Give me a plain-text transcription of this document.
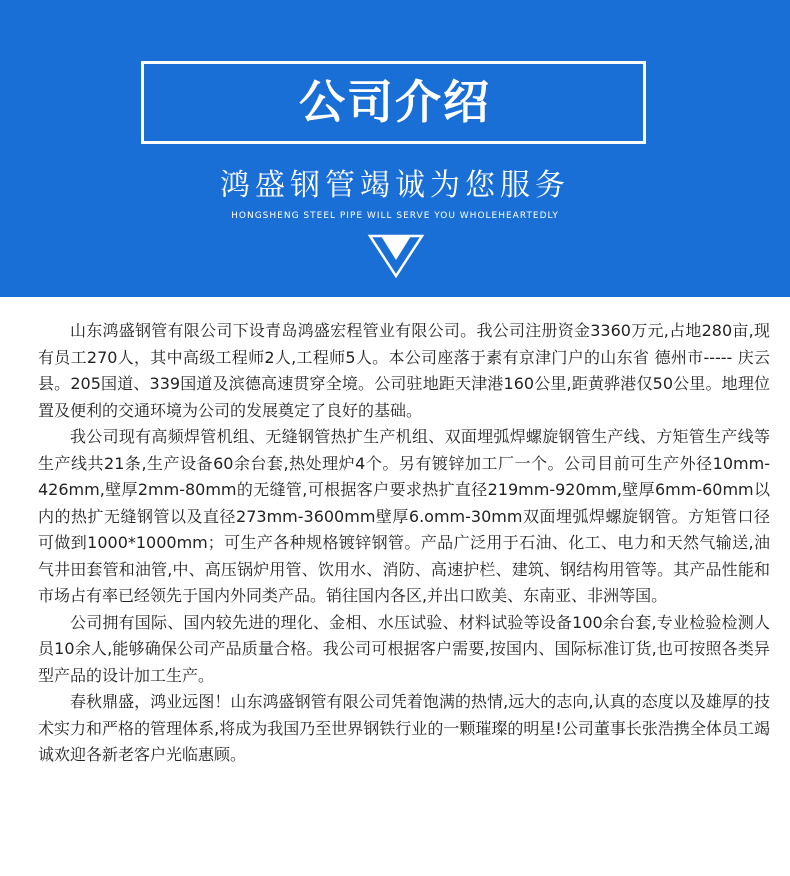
公司介绍
鸿盛钢管竭诚为您服务
HONGSHENG STEEL PIPE WILL SERVE YOU WHOLEHEARTEDLY

山东鸿盛钢管有限公司下设青岛鸿盛宏程管业有限公司。我公司注册资金3360万元,占地280亩,现有员工270人，其中高级工程师2人,工程师5人。本公司座落于素有京津门户的山东省 德州市----- 庆云县。205国道、339国道及滨德高速贯穿全境。公司驻地距天津港160公里,距黄骅港仅50公里。地理位置及便利的交通环境为公司的发展奠定了良好的基础。

我公司现有高频焊管机组、无缝钢管热扩生产机组、双面埋弧焊螺旋钢管生产线、方矩管生产线等生产线共21条,生产设备60余台套,热处理炉4个。另有镀锌加工厂一个。公司目前可生产外径10mm-426mm,壁厚2mm-80mm的无缝管,可根据客户要求热扩直径219mm-920mm,壁厚6mm-60mm以内的热扩无缝钢管以及直径273mm-3600mm壁厚6.omm-30mm双面埋弧焊螺旋钢管。方矩管口径可做到1000*1000mm；可生产各种规格镀锌钢管。产品广泛用于石油、化工、电力和天然气输送,油气井田套管和油管,中、高压锅炉用管、饮用水、消防、高速护栏、建筑、钢结构用管等。其产品性能和市场占有率已经领先于国内外同类产品。销往国内各区,并出口欧美、东南亚、非洲等国。

公司拥有国际、国内较先进的理化、金相、水压试验、材料试验等设备100余台套,专业检验检测人员10余人,能够确保公司产品质量合格。我公司可根据客户需要,按国内、国际标准订货,也可按照各类异型产品的设计加工生产。

春秋鼎盛，鸿业远图！山东鸿盛钢管有限公司凭着饱满的热情,远大的志向,认真的态度以及雄厚的技术实力和严格的管理体系,将成为我国乃至世界钢铁行业的一颗璀璨的明星!公司董事长张浩携全体员工竭诚欢迎各新老客户光临惠顾。
